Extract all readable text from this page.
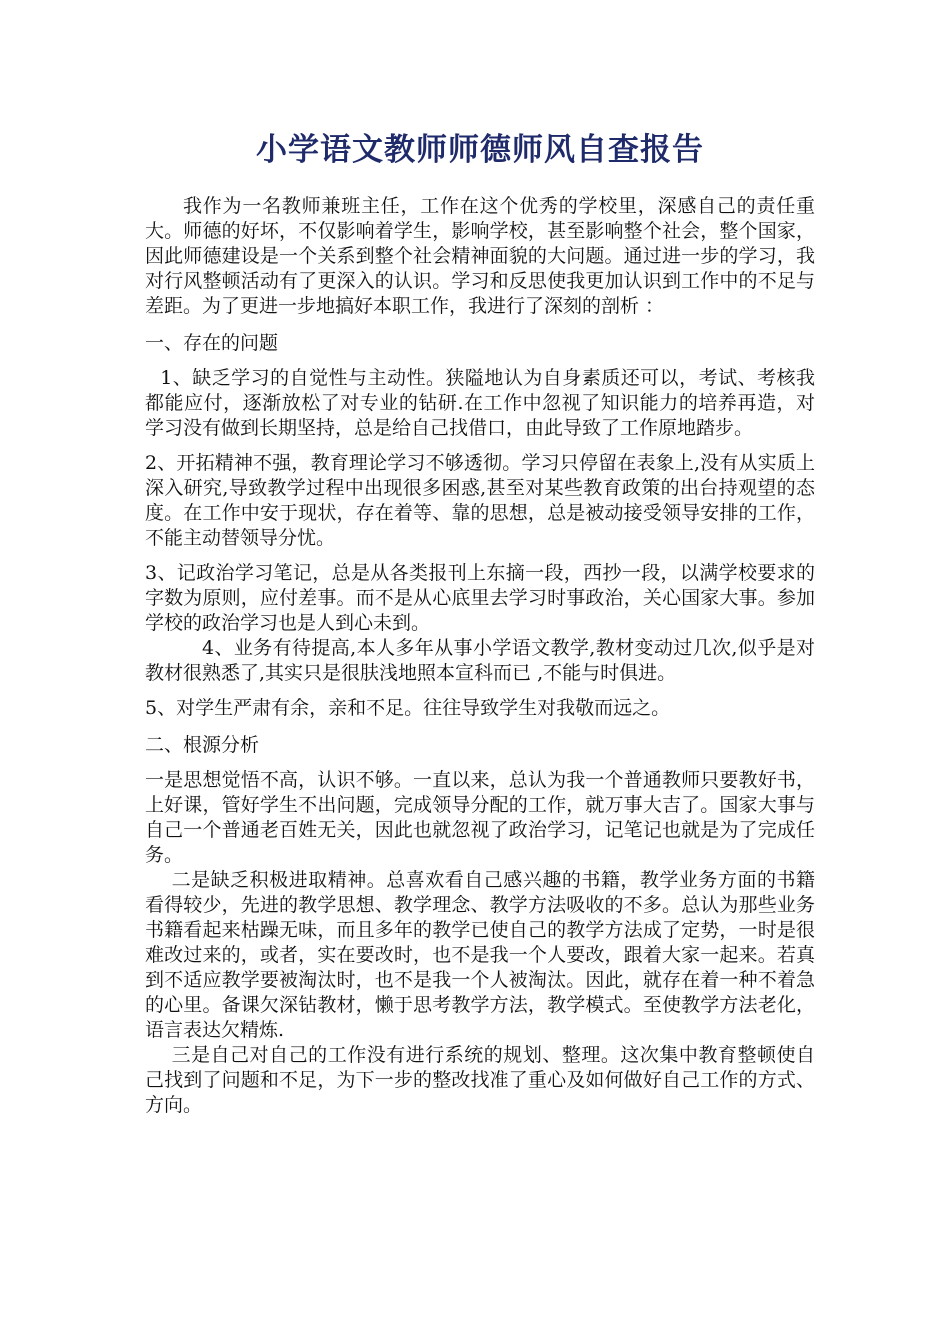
小学语文教师师德师风自查报告

我作为一名教师兼班主任，工作在这个优秀的学校里，深感自己的责任重大。师德的好坏，不仅影响着学生，影响学校，甚至影响整个社会，整个国家，因此师德建设是一个关系到整个社会精神面貌的大问题。通过进一步的学习，我对行风整顿活动有了更深入的认识。学习和反思使我更加认识到工作中的不足与差距。为了更进一步地搞好本职工作，我进行了深刻的剖析 ：

一、存在的问题

1、缺乏学习的自觉性与主动性。狭隘地认为自身素质还可以，考试、考核我都能应付，逐渐放松了对专业的钻研.在工作中忽视了知识能力的培养再造，对学习没有做到长期坚持，总是给自己找借口，由此导致了工作原地踏步。

2、开拓精神不强，教育理论学习不够透彻。学习只停留在表象上,没有从实质上深入研究,导致教学过程中出现很多困惑,甚至对某些教育政策的出台持观望的态度。在工作中安于现状，存在着等、靠的思想，总是被动接受领导安排的工作，不能主动替领导分忧。

3、记政治学习笔记，总是从各类报刊上东摘一段，西抄一段，以满学校要求的字数为原则，应付差事。而不是从心底里去学习时事政治，关心国家大事。参加学校的政治学习也是人到心未到。

4、业务有待提高,本人多年从事小学语文教学,教材变动过几次,似乎是对教材很熟悉了,其实只是很肤浅地照本宣科而已 ,不能与时俱进。

5、对学生严肃有余，亲和不足。往往导致学生对我敬而远之。

二、根源分析

一是思想觉悟不高，认识不够。一直以来，总认为我一个普通教师只要教好书，上好课，管好学生不出问题，完成领导分配的工作，就万事大吉了。国家大事与自己一个普通老百姓无关，因此也就忽视了政治学习，记笔记也就是为了完成任务。

二是缺乏积极进取精神。总喜欢看自己感兴趣的书籍，教学业务方面的书籍看得较少，先进的教学思想、教学理念、教学方法吸收的不多。总认为那些业务书籍看起来枯躁无味，而且多年的教学已使自己的教学方法成了定势，一时是很难改过来的，或者，实在要改时，也不是我一个人要改，跟着大家一起来。若真到不适应教学要被淘汰时，也不是我一个人被淘汰。因此，就存在着一种不着急的心里。备课欠深钻教材，懒于思考教学方法，教学模式。至使教学方法老化，语言表达欠精炼.

三是自己对自己的工作没有进行系统的规划、整理。这次集中教育整顿使自己找到了问题和不足，为下一步的整改找准了重心及如何做好自己工作的方式、方向。
